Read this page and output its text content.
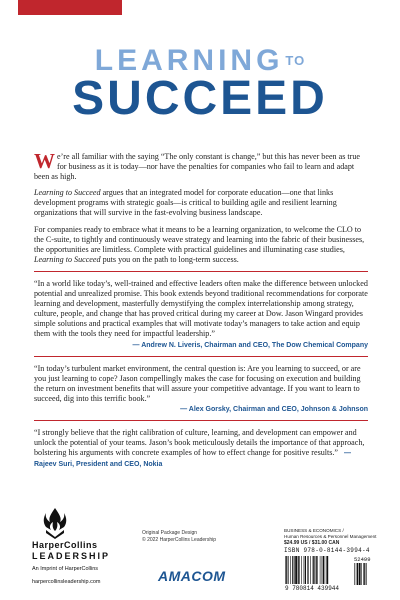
LEARNING $^{TO}$
SUCCEED

We’re all familiar with the saying “The only constant is change,” but this has never been as true for business as it is today—nor have the penalties for companies who fail to learn and adapt been as high.

Learning to Succeed argues that an integrated model for corporate education—one that links development programs with strategic goals—is critical to building agile and resilient learning organizations that will survive in the fast-evolving business landscape.

For companies ready to embrace what it means to be a learning organization, to welcome the CLO to the C-suite, to tightly and continuously weave strategy and learning into the fabric of their businesses, the opportunities are limitless. Complete with practical guidelines and illuminating case studies, Learning to Succeed puts you on the path to long-term success.

“In a world like today’s, well-trained and effective leaders often make the difference between unlocked potential and unrealized promise. This book extends beyond traditional recommendations for corporate learning and development, masterfully demystifying the complex interrelationship among strategy, culture, people, and change that has proved critical during my career at Dow. Jason Wingard provides simple solutions and practical examples that will motivate today’s managers to take action and equip them with the tools they need for impactful leadership.”

— Andrew N. Liveris, Chairman and CEO, The Dow Chemical Company

“In today’s turbulent market environment, the central question is: Are you learning to succeed, or are you just learning to cope? Jason compellingly makes the case for focusing on execution and building the return on investment benefits that will assure your competitive advantage. If you want to learn to succeed, dig into this terrific book.”

— Alex Gorsky, Chairman and CEO, Johnson & Johnson

“I strongly believe that the right calibration of culture, learning, and development can empower and unlock the potential of your teams. Jason’s book meticulously details the importance of that approach, bolstering his arguments with concrete examples of how to effect change for positive results.” — Rajeev Suri, President and CEO, Nokia

HarperCollins
LEADERSHIP
An Imprint of HarperCollins
harpercollinsleadership.com
Original Package Design
© 2022 HarperCollins Leadership
AMACOM
BUSINESS & ECONOMICS /
Human Resources & Personnel Management
$24.99 US / $31.00 CAN
ISBN 978-0-8144-3994-4
9 780814 439944
52499
